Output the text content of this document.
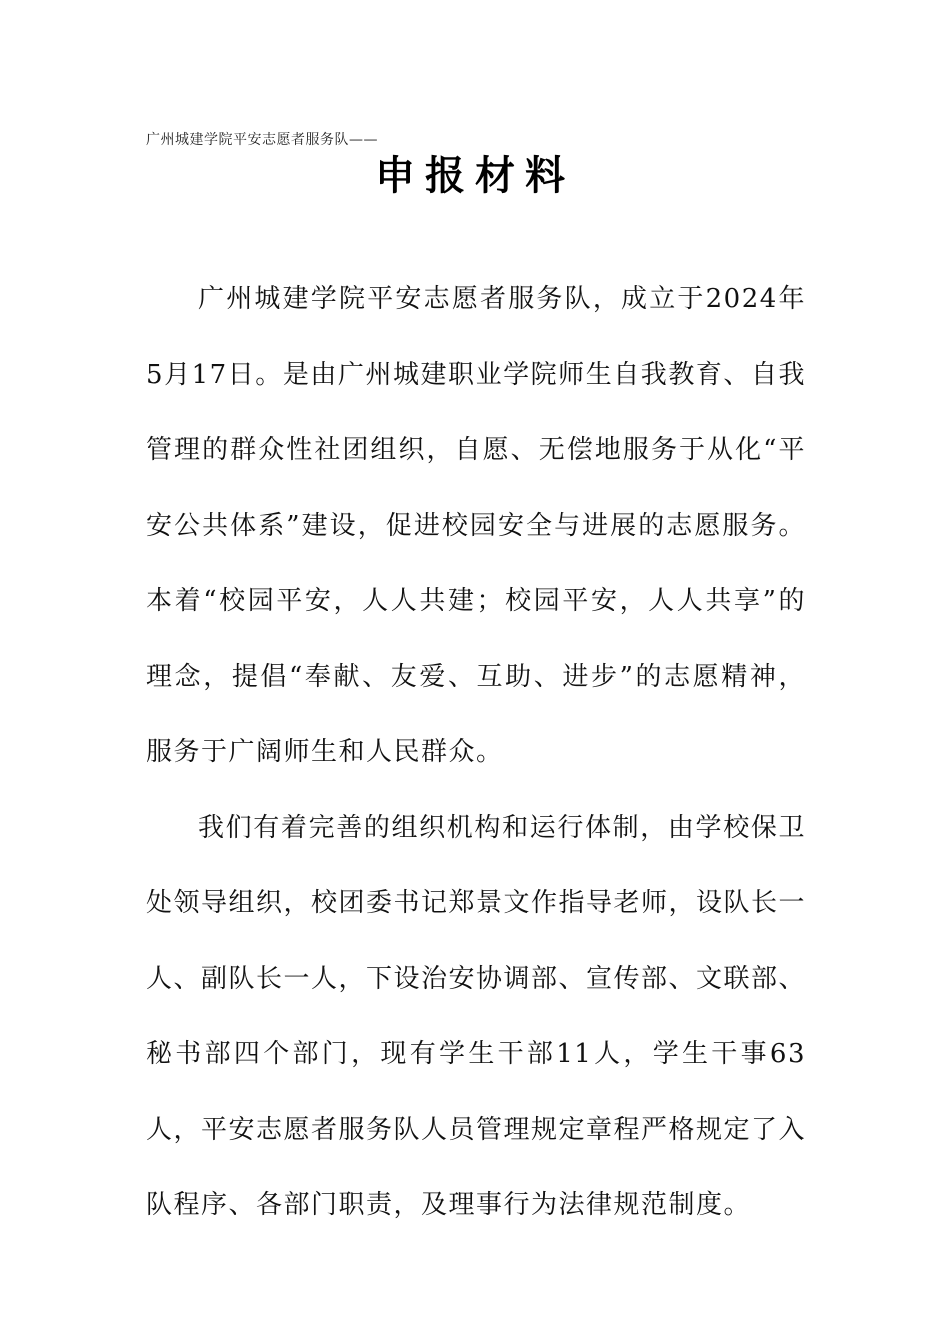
广州城建学院平安志愿者服务队——
申报材料

广州城建学院平安志愿者服务队，成立于2024年5月17日。是由广州城建职业学院师生自我教育、自我管理的群众性社团组织，自愿、无偿地服务于从化“平安公共体系”建设，促进校园安全与进展的志愿服务。本着“校园平安，人人共建；校园平安，人人共享”的理念，提倡“奉献、友爱、互助、进步”的志愿精神，服务于广阔师生和人民群众。

我们有着完善的组织机构和运行体制，由学校保卫处领导组织，校团委书记郑景文作指导老师，设队长一人、副队长一人，下设治安协调部、宣传部、文联部、秘书部四个部门，现有学生干部11人，学生干事63人，平安志愿者服务队人员管理规定章程严格规定了入队程序、各部门职责，及理事行为法律规范制度。
